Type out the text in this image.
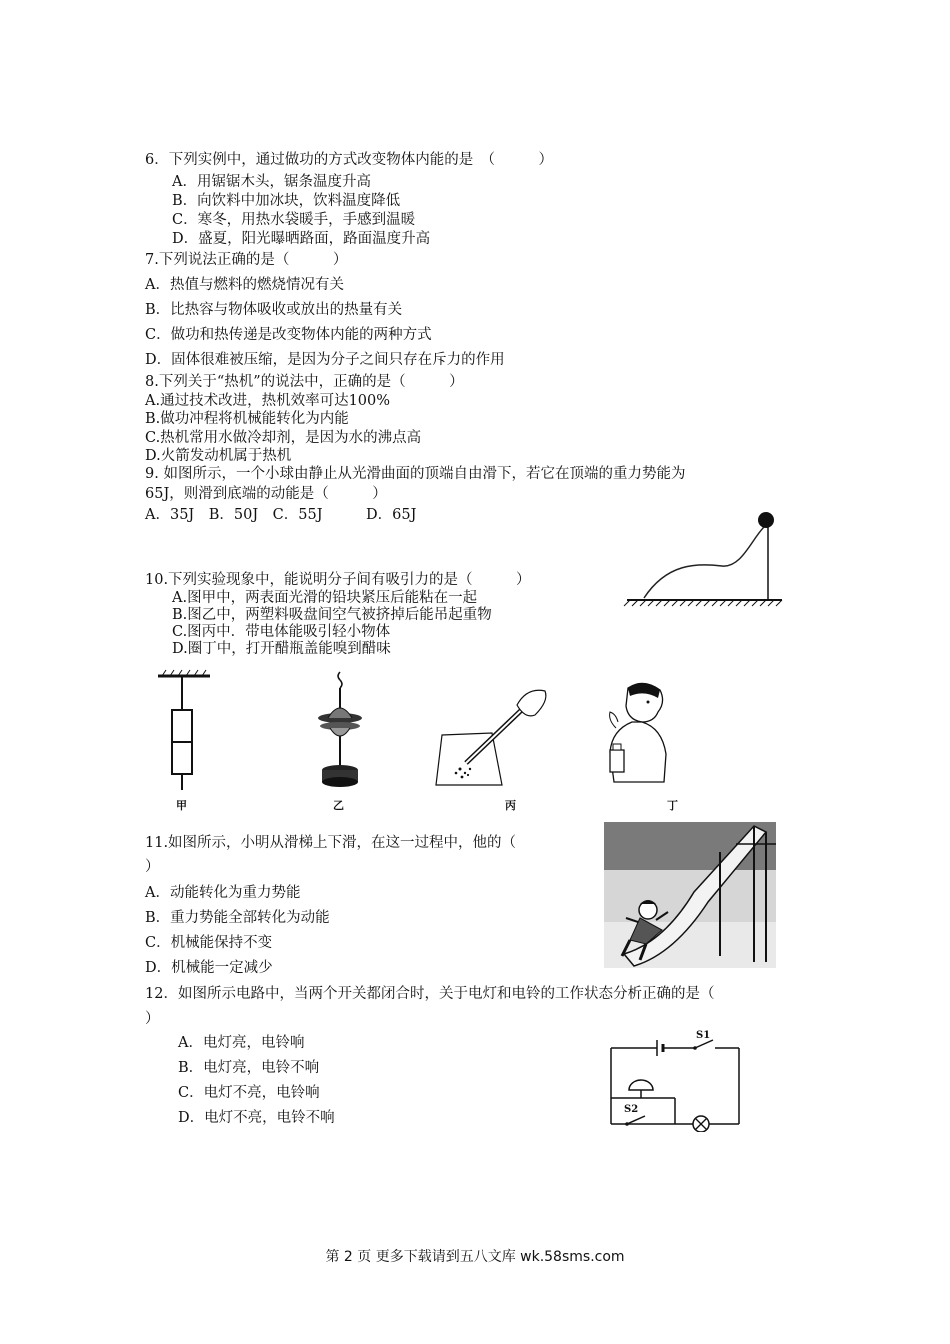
6．下列实例中，通过做功的方式改变物体内能的是　（　　　）
A．用锯锯木头，锯条温度升高
B．向饮料中加冰块，饮料温度降低
C．寒冬，用热水袋暖手，手感到温暖
D．盛夏，阳光曝晒路面，路面温度升高
7.下列说法正确的是（　　　）
A．热值与燃料的燃烧情况有关
B．比热容与物体吸收或放出的热量有关
C．做功和热传递是改变物体内能的两种方式
D．固体很难被压缩，是因为分子之间只存在斥力的作用
8.下列关于“热机”的说法中，正确的是（　　　）
A.通过技术改进，热机效率可达100%
B.做功冲程将机械能转化为内能
C.热机常用水做冷却剂，是因为水的沸点高
D.火箭发动机属于热机
9. 如图所示，一个小球由静止从光滑曲面的顶端自由滑下，若它在顶端的重力势能为
65J，则滑到底端的动能是（　　　）
A．35J　B．50J　C．55J　　　D．65J
10.下列实验现象中，能说明分子间有吸引力的是（　　　）
A.图甲中，两表面光滑的铅块紧压后能粘在一起
B.图乙中，两塑料吸盘间空气被挤掉后能吊起重物
C.图丙中．带电体能吸引轻小物体
D.圈丁中，打开醋瓶盖能嗅到醋味
甲	乙	丙	丁
11.如图所示，小明从滑梯上下滑，在这一过程中，他的（
）
A．动能转化为重力势能
B．重力势能全部转化为动能
C．机械能保持不变
D．机械能一定减少
12．如图所示电路中，当两个开关都闭合时，关于电灯和电铃的工作状态分析正确的是（
）
A．电灯亮，电铃响
B．电灯亮，电铃不响
C．电灯不亮，电铃响
D．电灯不亮，电铃不响
S1
S2
第 2 页 更多下载请到五八文库 wk.58sms.com
